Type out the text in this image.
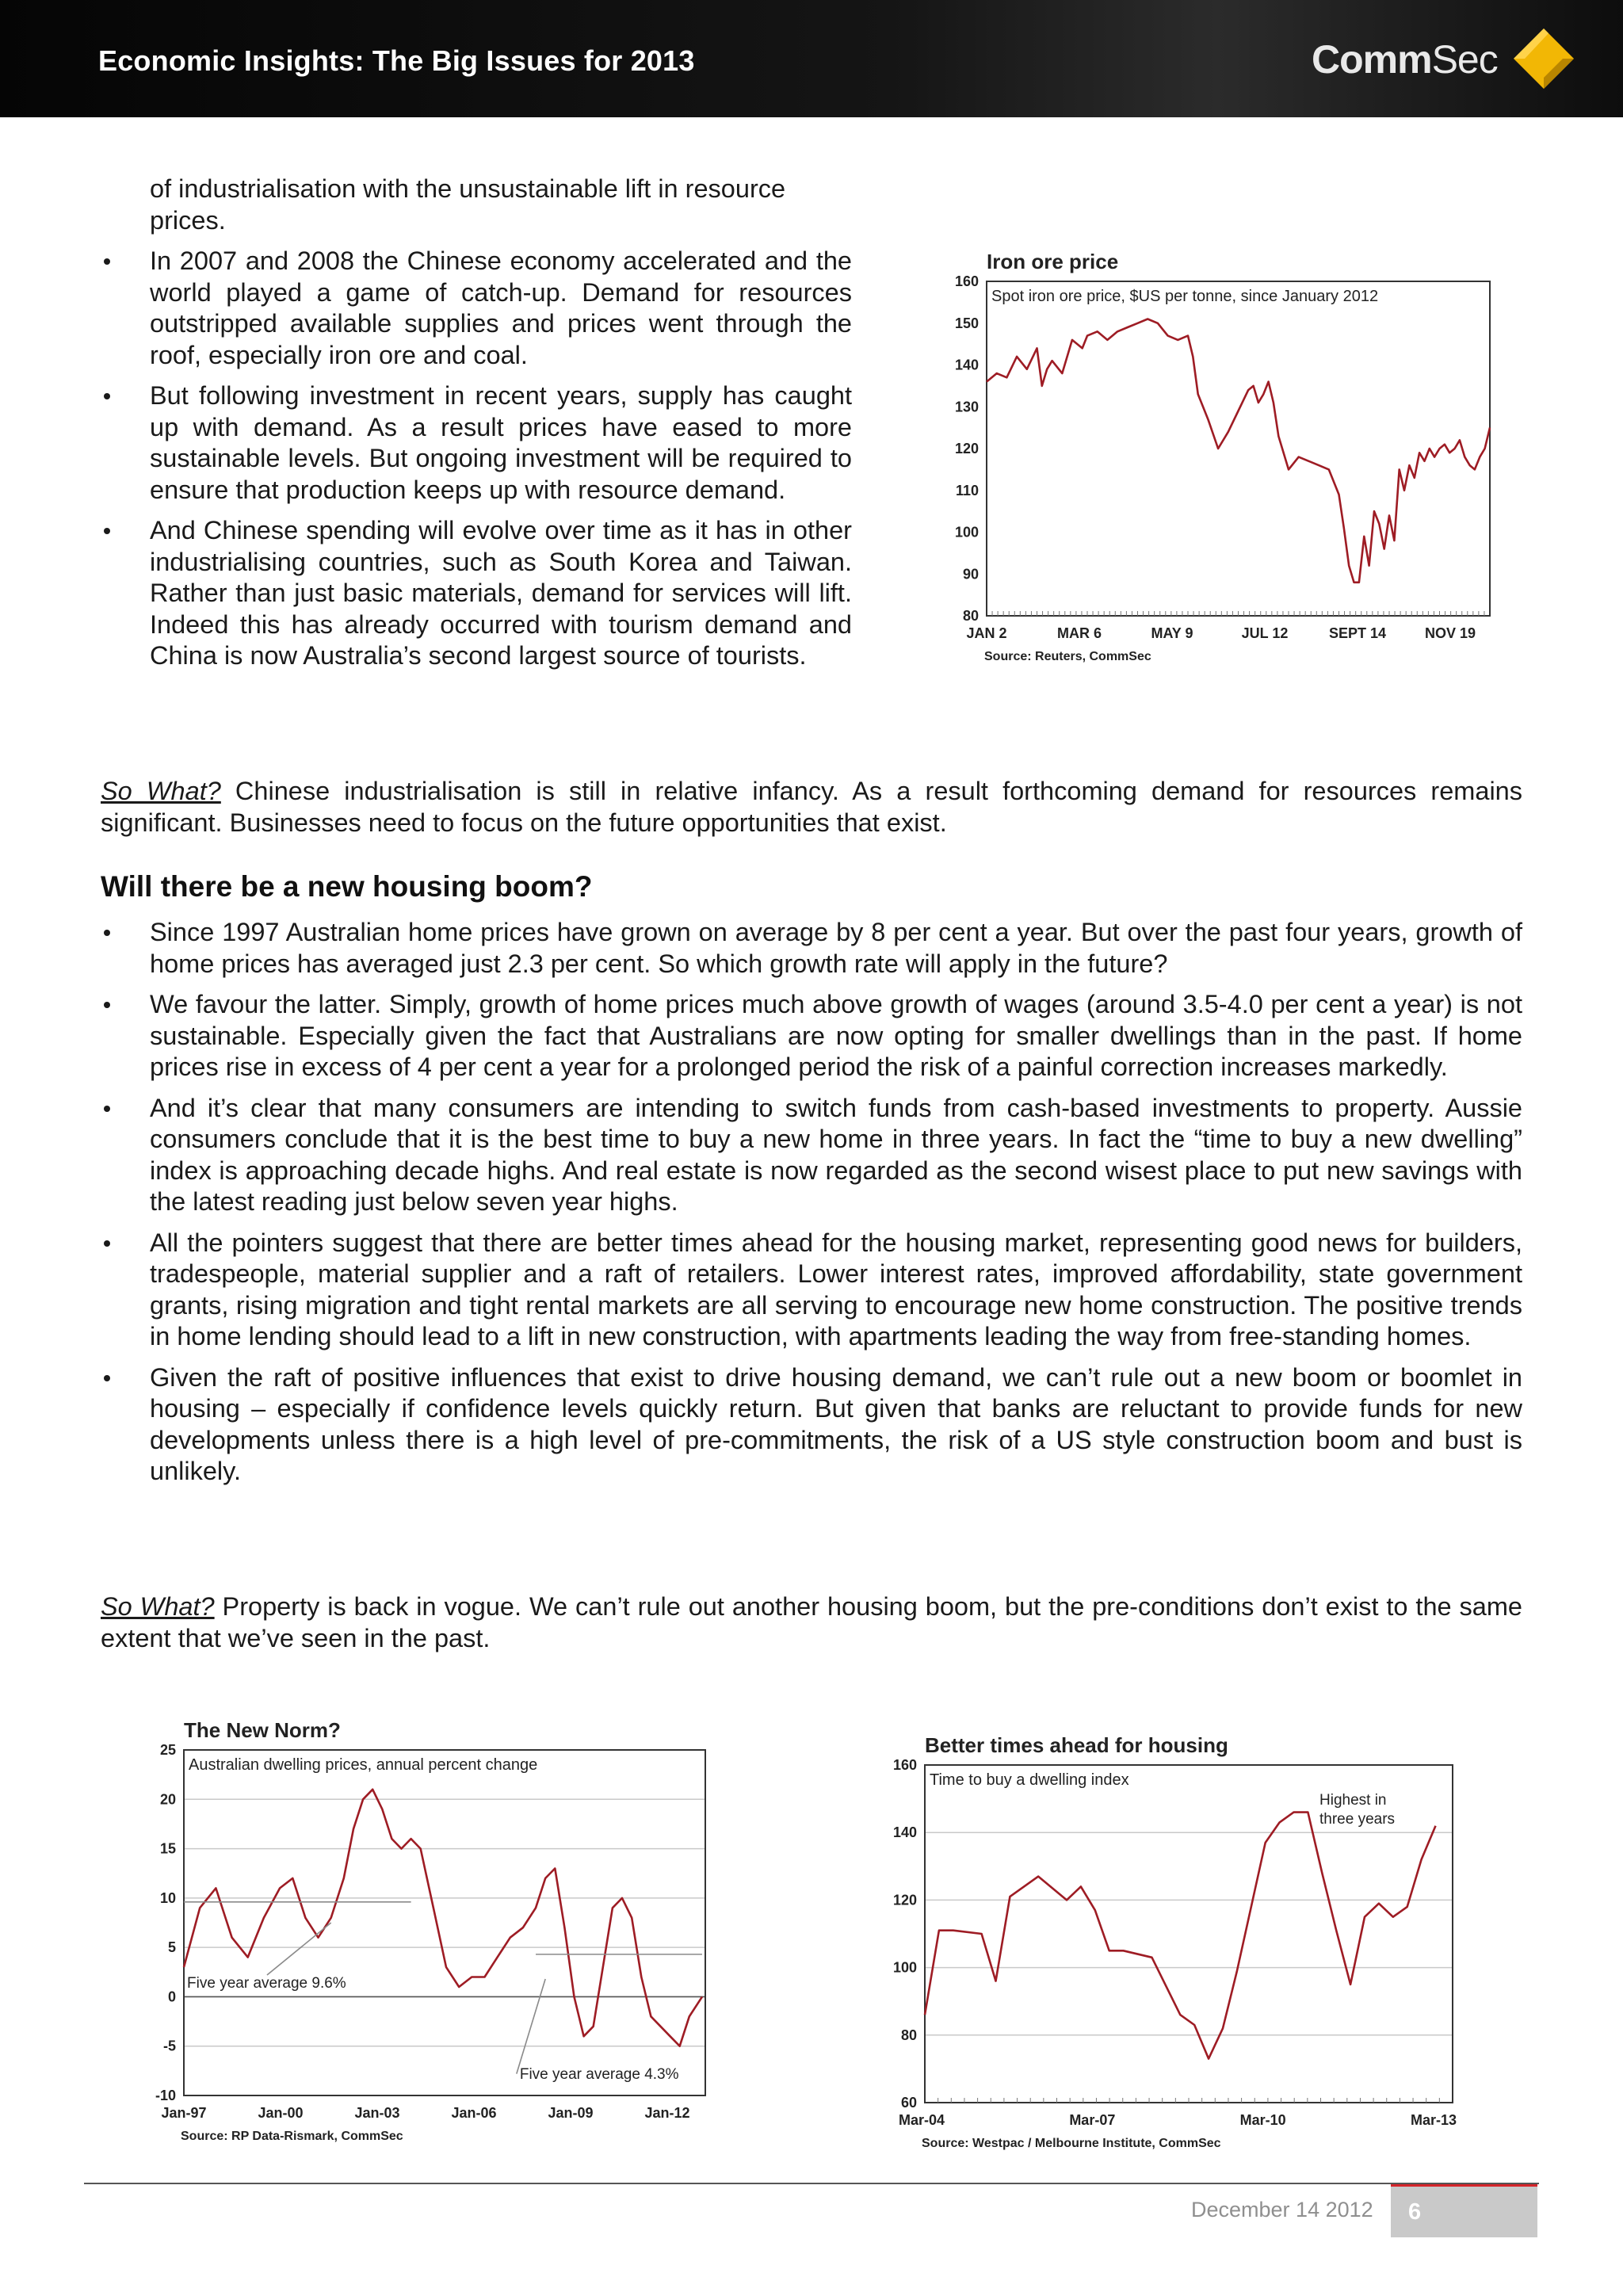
Economic Insights: The Big Issues for 2013	CommSec
of industrialisation with the unsustainable lift in resource
prices.
In 2007 and 2008 the Chinese economy accelerated and the world played a game of catch-up. Demand for resources outstripped available supplies and prices went through the roof, especially iron ore and coal.
But following investment in recent years, supply has caught up with demand. As a result prices have eased to more sustainable levels. But ongoing investment will be required to ensure that production keeps up with resource demand.
And Chinese spending will evolve over time as it has in other industrialising countries, such as South Korea and Taiwan. Rather than just basic materials, demand for services will lift. Indeed this has already occurred with tourism demand and China is now Australia’s second largest source of tourists.
Iron ore price
80
90
100
110
120
130
140
150
160
Spot iron ore price, $US per tonne, since January 2012
JAN 2	MAR 6	MAY 9	JUL 12	SEPT 14	NOV 19
Source: Reuters, CommSec
So What? Chinese industrialisation is still in relative infancy. As a result forthcoming demand for resources remains significant. Businesses need to focus on the future opportunities that exist.
Will there be a new housing boom?
Since 1997 Australian home prices have grown on average by 8 per cent a year. But over the past four years, growth of home prices has averaged just 2.3 per cent. So which growth rate will apply in the future?
We favour the latter. Simply, growth of home prices much above growth of wages (around 3.5-4.0 per cent a year) is not sustainable. Especially given the fact that Australians are now opting for smaller dwellings than in the past. If home prices rise in excess of 4 per cent a year for a prolonged period the risk of a painful correction increases markedly.
And it’s clear that many consumers are intending to switch funds from cash-based investments to property. Aussie consumers conclude that it is the best time to buy a new home in three years. In fact the “time to buy a new dwelling” index is approaching decade highs. And real estate is now regarded as the second wisest place to put new savings with the latest reading just below seven year highs.
All the pointers suggest that there are better times ahead for the housing market, representing good news for builders, tradespeople, material supplier and a raft of retailers. Lower interest rates, improved affordability, state government grants, rising migration and tight rental markets are all serving to encourage new home construction. The positive trends in home lending should lead to a lift in new construction, with apartments leading the way from free-standing homes.
Given the raft of positive influences that exist to drive housing demand, we can’t rule out a new boom or boomlet in housing – especially if confidence levels quickly return. But given that banks are reluctant to provide funds for new developments unless there is a high level of pre-commitments, the risk of a US style construction boom and bust is unlikely.
So What? Property is back in vogue. We can’t rule out another housing boom, but the pre-conditions don’t exist to the same extent that we’ve seen in the past.
The New Norm?
-10
-5
0
5
10
15
20
25
Australian dwelling prices, annual percent change
Jan-97	Jan-00	Jan-03	Jan-06	Jan-09	Jan-12
Source: RP Data-Rismark, CommSec
Five year average 9.6%
Five year average 4.3%
Better times ahead for housing
60
80
100
120
140
160
Time to buy a dwelling index
Mar-04	Mar-07	Mar-10	Mar-13
Source: Westpac / Melbourne Institute, CommSec
Highest in
three years
December 14 2012 6
